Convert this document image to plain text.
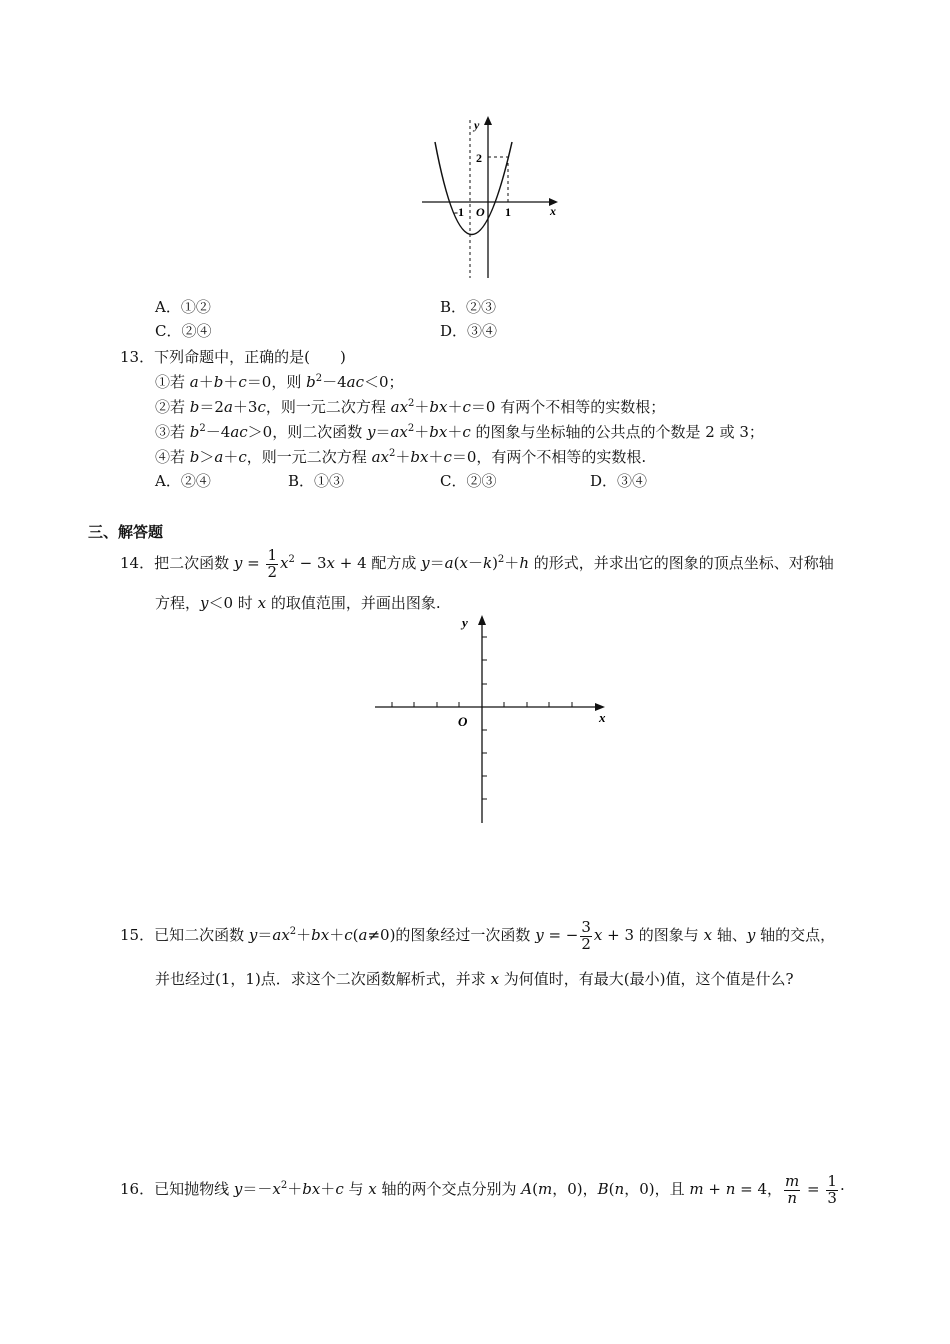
y
x
2
-1 O 1
A．①②	B．②③
C．②④	D．③④
13．下列命题中，正确的是(　　)
①若 a＋b＋c＝0，则 $b^2-4ac<0$；
②若 b＝2a＋3c，则一元二次方程 $ax^2+bx+c=0$ 有两个不相等的实数根；
③若 $b^2-4ac>0$，则二次函数 $y=ax^2+bx+c$ 的图象与坐标轴的公共点的个数是 2 或 3；
④若 b＞a＋c，则一元二次方程 $ax^2+bx+c=0$，有两个不相等的实数根.
A．②④	B．①③	C．②③	D．③④
三、解答题
14．把二次函数 $y = \frac{1}{2} x^2 - 3x + 4$ 配方成 $y=a(x-k)^2+h$ 的形式，并求出它的图象的顶点坐标、对称轴
方程，y＜0 时 x 的取值范围，并画出图象.
y
x
O
15．已知二次函数 $y=ax^2+bx+c(a\ne 0)$的图象经过一次函数 y = − $\frac{3}{2}$ x + 3 的图象与 x 轴、y 轴的交点，
并也经过(1，1)点．求这个二次函数解析式，并求 x 为何值时，有最大(最小)值，这个值是什么?
16．已知抛物线 $y=-x^2+bx+c$ 与 x 轴的两个交点分别为 A(m，0)，B(n，0)，且 m + n = 4， $\frac{m}{n} = \frac{1}{3}$ ·
